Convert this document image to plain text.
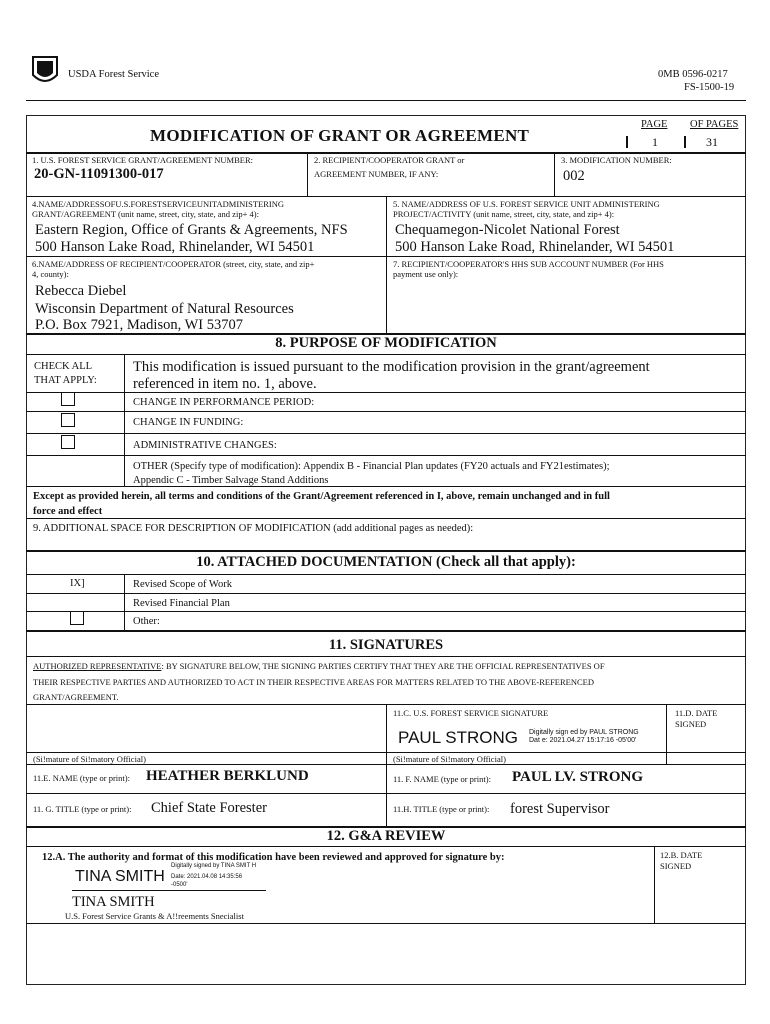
USDA Forest Service	0MB 0596-0217
FS-1500-19
MODIFICATION OF GRANT OR AGREEMENT
PAGE OF PAGES
1	31
1. U.S. FOREST SERVICE GRANT/AGREEMENT NUMBER:
20-GN-11091300-017
2. RECIPIENT/COOPERATOR GRANT or
AGREEMENT NUMBER, IF ANY:
3. MODIFICATION NUMBER:
002
4.NAME/ADDRESSOFU.S.FORESTSERVICEUNITADMINISTERING
GRANT/AGREEMENT (unit name, street, city, state, and zip+ 4):
Eastern Region, Office of Grants & Agreements, NFS
500 Hanson Lake Road, Rhinelander, WI 54501
5. NAME/ADDRESS OF U.S. FOREST SERVICE UNIT ADMINISTERING
PROJECT/ACTIVITY (unit name, street, city, state, and zip+ 4):
Chequamegon-Nicolet National Forest
500 Hanson Lake Road, Rhinelander, WI 54501
6.NAME/ADDRESS OF RECIPIENT/COOPERATOR (street, city, state, and zip+
4, county):
Rebecca Diebel
Wisconsin Department of Natural Resources
P.O. Box 7921, Madison, WI 53707
7. RECIPIENT/COOPERATOR'S HHS SUB ACCOUNT NUMBER (For HHS
payment use only):
8. PURPOSE OF MODIFICATION
CHECK ALL
THAT APPLY:
This modification is issued pursuant to the modification provision in the grant/agreement
referenced in item no. 1, above.
CHANGE IN PERFORMANCE PERIOD:
CHANGE IN FUNDING:
ADMINISTRATIVE CHANGES:
OTHER (Specify type of modification): Appendix B - Financial Plan updates (FY20 actuals and FY21estimates);
Appendic C - Timber Salvage Stand Additions
Except as provided herein, all terms and conditions of the Grant/Agreement referenced in I, above, remain unchanged and in full
force and effect
9. ADDITIONAL SPACE FOR DESCRIPTION OF MODIFICATION (add additional pages as needed):
10. ATTACHED DOCUMENTATION (Check all that apply):
IX]	Revised Scope of Work
Revised Financial Plan
Other:
11. SIGNATURES
AUTHORIZED REPRESENTATIVE: BY SIGNATURE BELOW, THE SIGNING PARTIES CERTIFY THAT THEY ARE THE OFFICIAL REPRESENTATIVES OF
THEIR RESPECTIVE PARTIES AND AUTHORIZED TO ACT IN THEIR RESPECTIVE AREAS FOR MATTERS RELATED TO THE ABOVE-REFERENCED
GRANT/AGREEMENT.
11.C. U.S. FOREST SERVICE SIGNATURE	11.D. DATE
SIGNED
PAUL STRONG Digitally sign ed by PAUL STRONG
Dat e: 2021.04.27 15:17:16 -05'00'
(Si!mature of Si!matory Official)	(Si!mature of Si!matory Official)
11.E. NAME (type or print): HEATHER BERKLUND	11. F. NAME (type or print): PAUL LV. STRONG
11. G. TITLE (type or print): Chief State Forester	11.H. TITLE (type or print): forest Supervisor
12. G&A REVIEW
12.A. The authority and format of this modification have been reviewed and approved for signature by:	12.B. DATE
SIGNED
TINA SMITH
Digitally signed by TINA SMIT H
Date: 2021.04.08 14:35:56
-0500'
TINA SMITH
U.S. Forest Service Grants & A!!reements Snecialist
